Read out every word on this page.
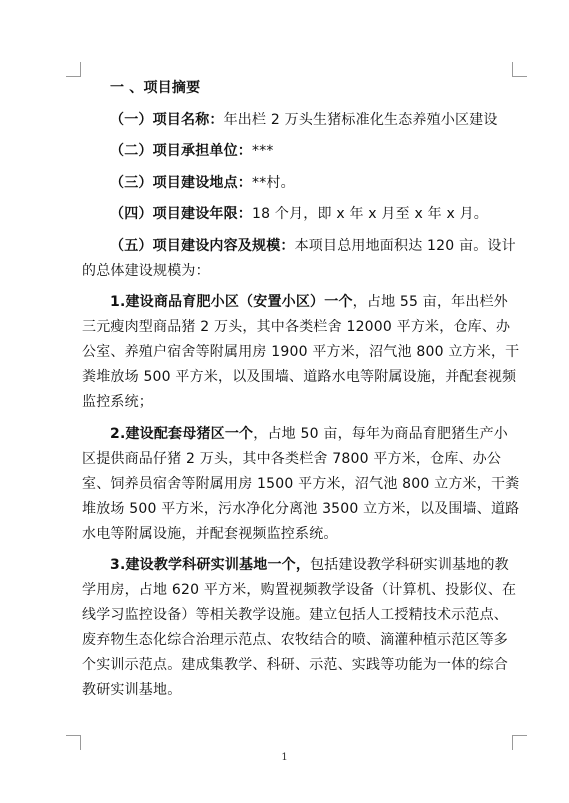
一 、项目摘要

（一）项目名称：年出栏 2 万头生猪标准化生态养殖小区建设

（二）项目承担单位：***

（三）项目建设地点：**村。

（四）项目建设年限：18 个月，即 x 年 x 月至 x 年 x 月。

（五）项目建设内容及规模：本项目总用地面积达 120 亩。设计的总体建设规模为：

1.建设商品育肥小区（安置小区）一个，占地 55 亩，年出栏外三元瘦肉型商品猪 2 万头，其中各类栏舍 12000 平方米，仓库、办公室、养殖户宿舍等附属用房 1900 平方米，沼气池 800 立方米，干粪堆放场 500 平方米，以及围墙、道路水电等附属设施，并配套视频监控系统；

2.建设配套母猪区一个，占地 50 亩，每年为商品育肥猪生产小区提供商品仔猪 2 万头，其中各类栏舍 7800 平方米，仓库、办公室、饲养员宿舍等附属用房 1500 平方米，沼气池 800 立方米，干粪堆放场 500 平方米，污水净化分离池 3500 立方米，以及围墙、道路水电等附属设施，并配套视频监控系统。

3.建设教学科研实训基地一个，包括建设教学科研实训基地的教学用房，占地 620 平方米，购置视频教学设备（计算机、投影仪、在线学习监控设备）等相关教学设施。建立包括人工授精技术示范点、废弃物生态化综合治理示范点、农牧结合的喷、滴灌种植示范区等多个实训示范点。建成集教学、科研、示范、实践等功能为一体的综合教研实训基地。

1
